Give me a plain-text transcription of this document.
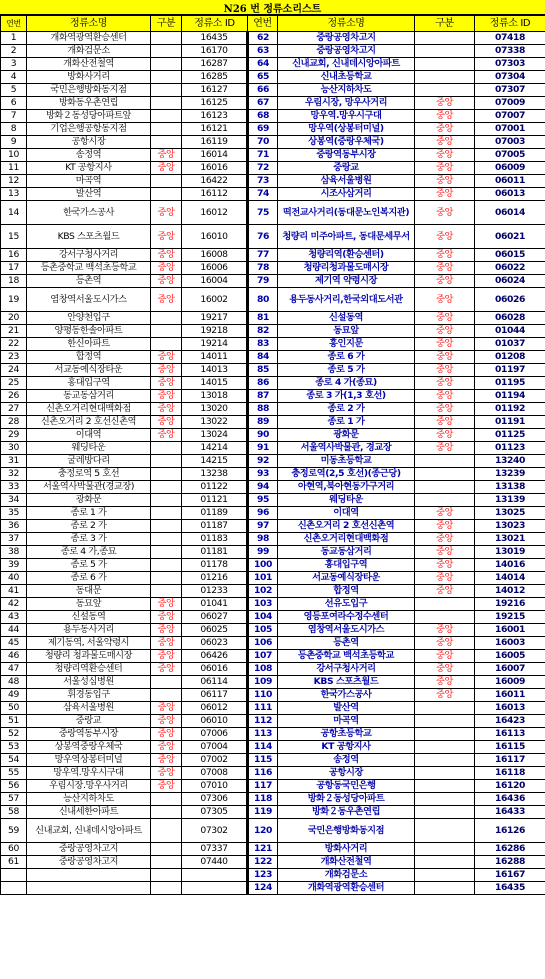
N26 번 정류소리스트
연번	정류소명	구분	정류소 ID	연번	정류소명	구분	정류소 ID
1	개화역광역환승센터		16435	62	중랑공영차고지		07418
2	개화검문소		16170	63	중랑공영차고지		07338
3	개화산전철역		16287	64	신내교회, 신내데시앙아파트		07303
4	방화사거리		16285	65	신내초등학교		07304
5	국민은행방화동지점		16127	66	능산지하차도		07307
6	방화동우촌연립		16125	67	우림시장, 망우사거리	중앙	07009
7	방화２동성당아파트앞		16123	68	망우역.망우시구대	중앙	07007
8	기업은행공항동지점		16121	69	망우역(상봉터미널)	중앙	07001
9	공항시장		16119	70	상봉역(중랑우체국)	중앙	07003
10	송정역	중앙	16014	71	중랑역동부시장	중앙	07005
11	KT 공항지사	중앙	16016	72	중랑교	중앙	06009
12	마곡역		16422	73	삼육서울병원	중앙	06011
13	발산역		16112	74	시조사삼거리	중앙	06013
14	한국가스공사	중앙	16012	75	떡전교사거리(동대문노인복지관)	중앙	06014
15	KBS 스포츠월드	중앙	16010	76	청량리 미주아파트, 동대문세무서	중앙	06021
16	강서구청사거리	중앙	16008	77	청량리역(환승센터)	중앙	06015
17	등촌중학교 백석초등학교	중앙	16006	78	청량리청과물도매시장	중앙	06022
18	등촌역	중앙	16004	79	제기역 약령시장	중앙	06024
19	염창역서울도시가스	중앙	16002	80	용두동사거리,한국외대도서관	중앙	06026
20	안양천입구		19217	81	신설동역	중앙	06028
21	양평동한솔아파트		19218	82	동묘앞	중앙	01044
22	한신아파트		19214	83	흥인지문	중앙	01037
23	합정역	중앙	14011	84	종로 6 가	중앙	01208
24	서교동예식장타운	중앙	14013	85	종로 5 가	중앙	01197
25	홍대입구역	중앙	14015	86	종로 4 가(종묘)	중앙	01195
26	동교동삼거리	중앙	13018	87	종로 3 가(1,3 호선)	중앙	01194
27	신촌오거리현대백화점	중앙	13020	88	종로 2 가	중앙	01192
28	신촌오거리 2 호선신촌역	중앙	13022	89	종로 1 가	중앙	01191
29	이대역	중앙	13024	90	광화문	중앙	01125
30	웨딩타운		14214	91	서울역사박물관, 경교장	중앙	01123
31	굴레방다리		14215	92	미동초등학교		13240
32	충정로역 5 호선		13238	93	충정로역(2,5 호선)(종근당)		13239
33	서울역사박물관(경교장)		01122	94	아현역,북아현동가구거리		13138
34	광화문		01121	95	웨딩타운		13139
35	종로 1 가		01189	96	이대역	중앙	13025
36	종로 2 가		01187	97	신촌오거리 2 호선신촌역	중앙	13023
37	종로 3 가		01183	98	신촌오거리현대백화점	중앙	13021
38	종로 4 가,종묘		01181	99	동교동삼거리	중앙	13019
39	종로 5 가		01178	100	홍대입구역	중앙	14016
40	종로 6 가		01216	101	서교동예식장타운	중앙	14014
41	동대문		01233	102	합정역	중앙	14012
42	동묘앞	중앙	01041	103	선유도입구		19216
43	신설동역	중앙	06027	104	영등포여라수정수센터		19215
44	용두동사거리	중앙	06025	105	염창역서울도시가스	중앙	16001
45	제기동역, 서울약령시	중앙	06023	106	등촌역	중앙	16003
46	청량리 청과물도매시장	중앙	06426	107	등촌중학교 백석초등학교	중앙	16005
47	청량리역환승센터	중앙	06016	108	강서구청사거리	중앙	16007
48	서울성심병원		06114	109	KBS 스포츠월드	중앙	16009
49	휘경동입구		06117	110	한국가스공사	중앙	16011
50	삼육서울병원	중앙	06012	111	발산역		16013
51	중랑교	중앙	06010	112	마곡역		16423
52	중랑역동부시장	중앙	07006	113	공항초등학교		16113
53	상봉역중랑우체국	중앙	07004	114	KT 공항지사		16115
54	망우역상봉터미널	중앙	07002	115	송정역		16117
55	망우역.망우시구대	중앙	07008	116	공항시장		16118
56	우림시장.망우사거리	중앙	07010	117	공항동국민은행		16120
57	능산지하차도		07306	118	방화２동성당아파트		16436
58	신내세한아파트		07305	119	방화２동우촌연립		16433
59	신내교회, 신내데시앙아파트		07302	120	국민은행방화동지점		16126
60	중랑공영차고지		07337	121	방화사거리		16286
61	중랑공영차고지		07440	122	개화산전철역		16288
				123	개화검문소		16167
				124	개화역광역환승센터		16435
